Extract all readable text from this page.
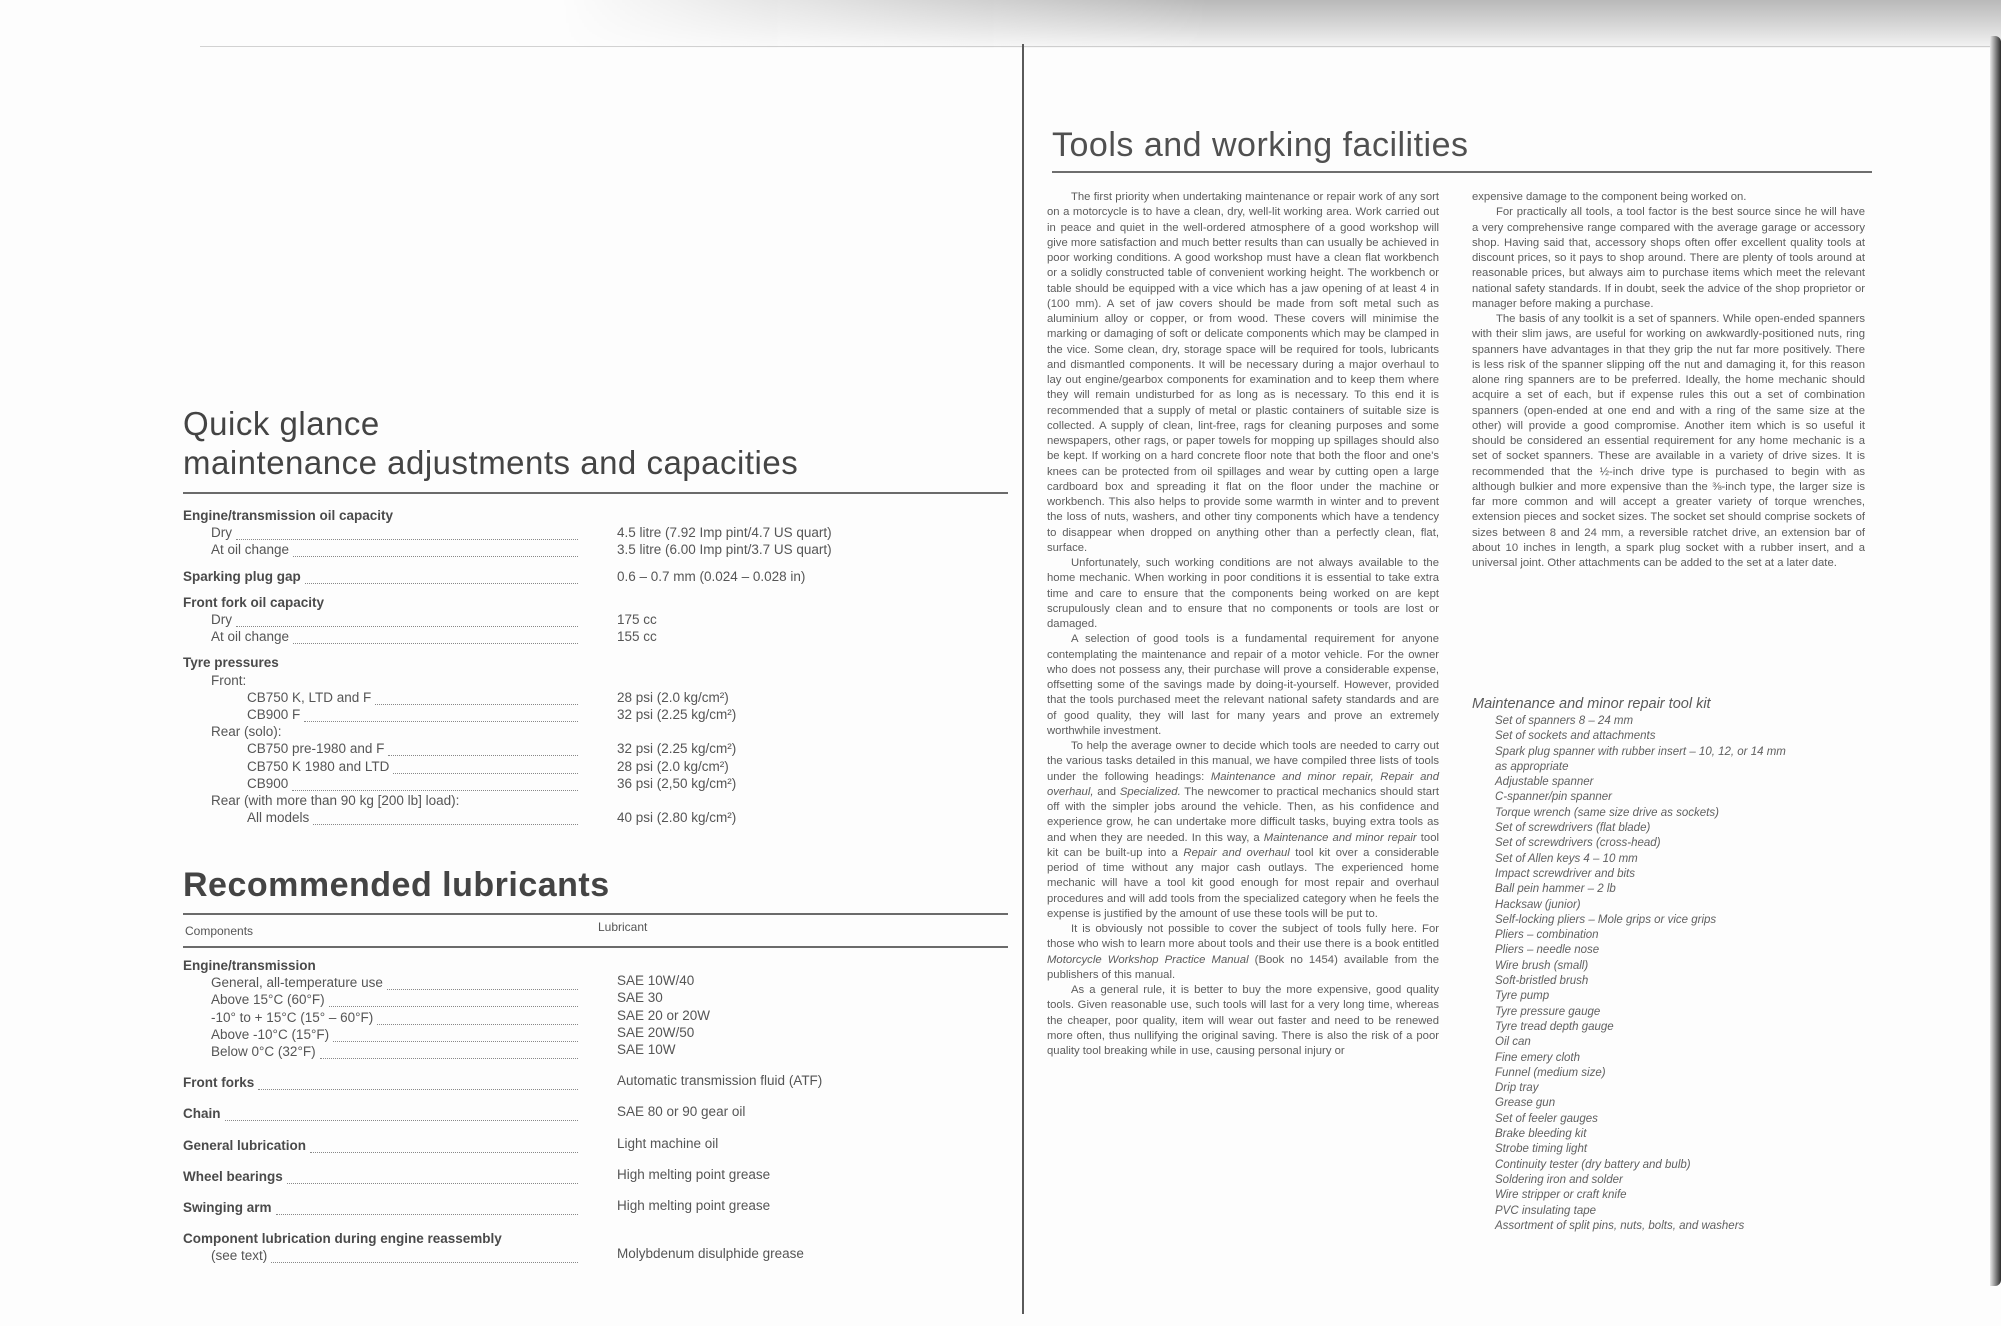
Quick glance
maintenance adjustments and capacities
Engine/transmission oil capacity
Dry	4.5 litre (7.92 Imp pint/4.7 US quart)
At oil change	3.5 litre (6.00 Imp pint/3.7 US quart)
Sparking plug gap	0.6 – 0.7 mm (0.024 – 0.028 in)
Front fork oil capacity
Dry	175 cc
At oil change	155 cc
Tyre pressures
Front:
CB750 K, LTD and F	28 psi (2.0 kg/cm²)
CB900 F	32 psi (2.25 kg/cm²)
Rear (solo):
CB750 pre-1980 and F	32 psi (2.25 kg/cm²)
CB750 K 1980 and LTD	28 psi (2.0 kg/cm²)
CB900	36 psi (2,50 kg/cm²)
Rear (with more than 90 kg [200 lb] load):
All models	40 psi (2.80 kg/cm²)
Recommended lubricants
Components	Lubricant
Engine/transmission
General, all-temperature use	SAE 10W/40
Above 15°C (60°F)	SAE 30
-10° to + 15°C (15° – 60°F)	SAE 20 or 20W
Above -10°C (15°F)	SAE 20W/50
Below 0°C (32°F)	SAE 10W
Front forks	Automatic transmission fluid (ATF)
Chain	SAE 80 or 90 gear oil
General lubrication	Light machine oil
Wheel bearings	High melting point grease
Swinging arm	High melting point grease
Component lubrication during engine reassembly
(see text)	Molybdenum disulphide grease
Tools and working facilities

The first priority when undertaking maintenance or repair work of any sort on a motorcycle is to have a clean, dry, well-lit working area. Work carried out in peace and quiet in the well-ordered atmosphere of a good workshop will give more satisfaction and much better results than can usually be achieved in poor working conditions. A good workshop must have a clean flat workbench or a solidly constructed table of convenient working height. The workbench or table should be equipped with a vice which has a jaw opening of at least 4 in (100 mm). A set of jaw covers should be made from soft metal such as aluminium alloy or copper, or from wood. These covers will minimise the marking or damaging of soft or delicate components which may be clamped in the vice. Some clean, dry, storage space will be required for tools, lubricants and dismantled components. It will be necessary during a major overhaul to lay out engine/gearbox components for examination and to keep them where they will remain undisturbed for as long as is necessary. To this end it is recommended that a supply of metal or plastic containers of suitable size is collected. A supply of clean, lint-free, rags for cleaning purposes and some newspapers, other rags, or paper towels for mopping up spillages should also be kept. If working on a hard concrete floor note that both the floor and one's knees can be protected from oil spillages and wear by cutting open a large cardboard box and spreading it flat on the floor under the machine or workbench. This also helps to provide some warmth in winter and to prevent the loss of nuts, washers, and other tiny components which have a tendency to disappear when dropped on anything other than a perfectly clean, flat, surface.

Unfortunately, such working conditions are not always available to the home mechanic. When working in poor conditions it is essential to take extra time and care to ensure that the components being worked on are kept scrupulously clean and to ensure that no components or tools are lost or damaged.

A selection of good tools is a fundamental requirement for anyone contemplating the maintenance and repair of a motor vehicle. For the owner who does not possess any, their purchase will prove a considerable expense, offsetting some of the savings made by doing-it-yourself. However, provided that the tools purchased meet the relevant national safety standards and are of good quality, they will last for many years and prove an extremely worthwhile investment.

To help the average owner to decide which tools are needed to carry out the various tasks detailed in this manual, we have compiled three lists of tools under the following headings: Maintenance and minor repair, Repair and overhaul, and Specialized. The newcomer to practical mechanics should start off with the simpler jobs around the vehicle. Then, as his confidence and experience grow, he can undertake more difficult tasks, buying extra tools as and when they are needed. In this way, a Maintenance and minor repair tool kit can be built-up into a Repair and overhaul tool kit over a considerable period of time without any major cash outlays. The experienced home mechanic will have a tool kit good enough for most repair and overhaul procedures and will add tools from the specialized category when he feels the expense is justified by the amount of use these tools will be put to.

It is obviously not possible to cover the subject of tools fully here. For those who wish to learn more about tools and their use there is a book entitled Motorcycle Workshop Practice Manual (Book no 1454) available from the publishers of this manual.

As a general rule, it is better to buy the more expensive, good quality tools. Given reasonable use, such tools will last for a very long time, whereas the cheaper, poor quality, item will wear out faster and need to be renewed more often, thus nullifying the original saving. There is also the risk of a poor quality tool breaking while in use, causing personal injury or

expensive damage to the component being worked on.

For practically all tools, a tool factor is the best source since he will have a very comprehensive range compared with the average garage or accessory shop. Having said that, accessory shops often offer excellent quality tools at discount prices, so it pays to shop around. There are plenty of tools around at reasonable prices, but always aim to purchase items which meet the relevant national safety standards. If in doubt, seek the advice of the shop proprietor or manager before making a purchase.

The basis of any toolkit is a set of spanners. While open-ended spanners with their slim jaws, are useful for working on awkwardly-positioned nuts, ring spanners have advantages in that they grip the nut far more positively. There is less risk of the spanner slipping off the nut and damaging it, for this reason alone ring spanners are to be preferred. Ideally, the home mechanic should acquire a set of each, but if expense rules this out a set of combination spanners (open-ended at one end and with a ring of the same size at the other) will provide a good compromise. Another item which is so useful it should be considered an essential requirement for any home mechanic is a set of socket spanners. These are available in a variety of drive sizes. It is recommended that the ½-inch drive type is purchased to begin with as although bulkier and more expensive than the ⅜-inch type, the larger size is far more common and will accept a greater variety of torque wrenches, extension pieces and socket sizes. The socket set should comprise sockets of sizes between 8 and 24 mm, a reversible ratchet drive, an extension bar of about 10 inches in length, a spark plug socket with a rubber insert, and a universal joint. Other attachments can be added to the set at a later date.

Maintenance and minor repair tool kit
Set of spanners 8 – 24 mm
Set of sockets and attachments
Spark plug spanner with rubber insert – 10, 12, or 14 mm
as appropriate
Adjustable spanner
C-spanner/pin spanner
Torque wrench (same size drive as sockets)
Set of screwdrivers (flat blade)
Set of screwdrivers (cross-head)
Set of Allen keys 4 – 10 mm
Impact screwdriver and bits
Ball pein hammer – 2 lb
Hacksaw (junior)
Self-locking pliers – Mole grips or vice grips
Pliers – combination
Pliers – needle nose
Wire brush (small)
Soft-bristled brush
Tyre pump
Tyre pressure gauge
Tyre tread depth gauge
Oil can
Fine emery cloth
Funnel (medium size)
Drip tray
Grease gun
Set of feeler gauges
Brake bleeding kit
Strobe timing light
Continuity tester (dry battery and bulb)
Soldering iron and solder
Wire stripper or craft knife
PVC insulating tape
Assortment of split pins, nuts, bolts, and washers
